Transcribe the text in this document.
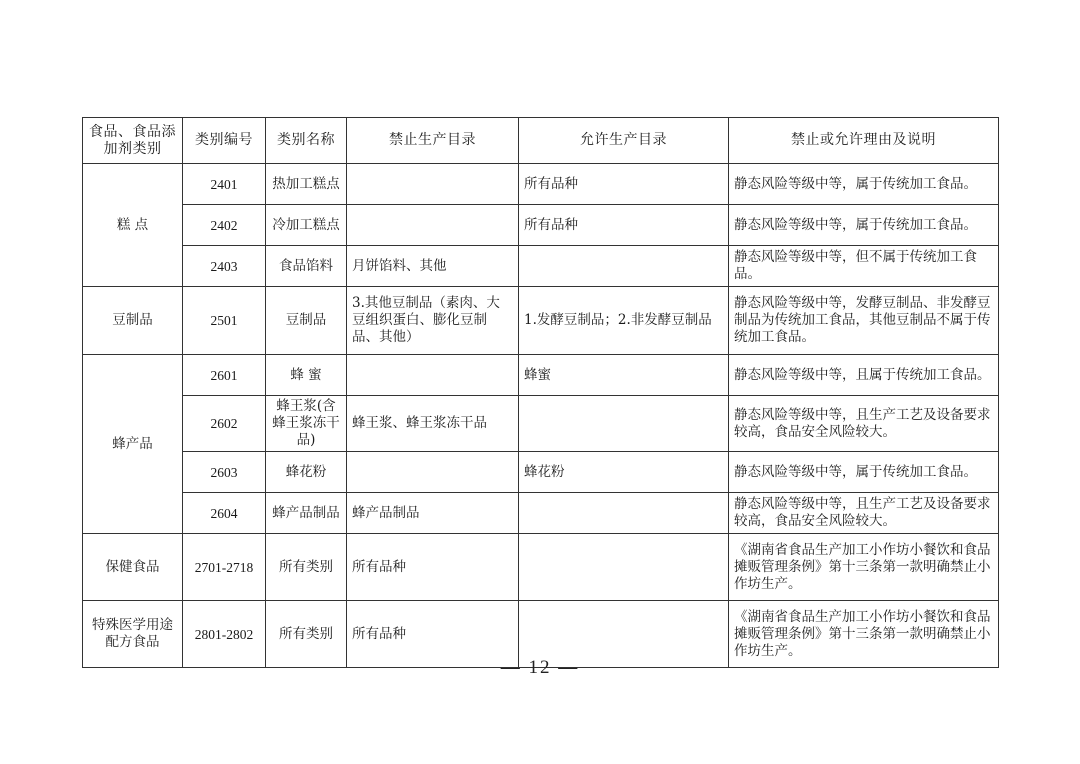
食品、食品添加剂类别	类别编号	类别名称	禁止生产目录	允许生产目录	禁止或允许理由及说明
糕 点	2401	热加工糕点		所有品种	静态风险等级中等，属于传统加工食品。
	2402	冷加工糕点		所有品种	静态风险等级中等，属于传统加工食品。
	2403	食品馅料	月饼馅料、其他		静态风险等级中等，但不属于传统加工食品。
豆制品	2501	豆制品	3.其他豆制品（素肉、大豆组织蛋白、膨化豆制品、其他）	1.发酵豆制品；2.非发酵豆制品	静态风险等级中等，发酵豆制品、非发酵豆制品为传统加工食品，其他豆制品不属于传统加工食品。
蜂产品	2601	蜂 蜜		蜂蜜	静态风险等级中等，且属于传统加工食品。
	2602	蜂王浆(含蜂王浆冻干品)	蜂王浆、蜂王浆冻干品		静态风险等级中等，且生产工艺及设备要求较高，食品安全风险较大。
	2603	蜂花粉		蜂花粉	静态风险等级中等，属于传统加工食品。
	2604	蜂产品制品	蜂产品制品		静态风险等级中等，且生产工艺及设备要求较高，食品安全风险较大。
保健食品	2701-2718	所有类别	所有品种		《湖南省食品生产加工小作坊小餐饮和食品摊贩管理条例》第十三条第一款明确禁止小作坊生产。
特殊医学用途配方食品	2801-2802	所有类别	所有品种		《湖南省食品生产加工小作坊小餐饮和食品摊贩管理条例》第十三条第一款明确禁止小作坊生产。
— 12 —
